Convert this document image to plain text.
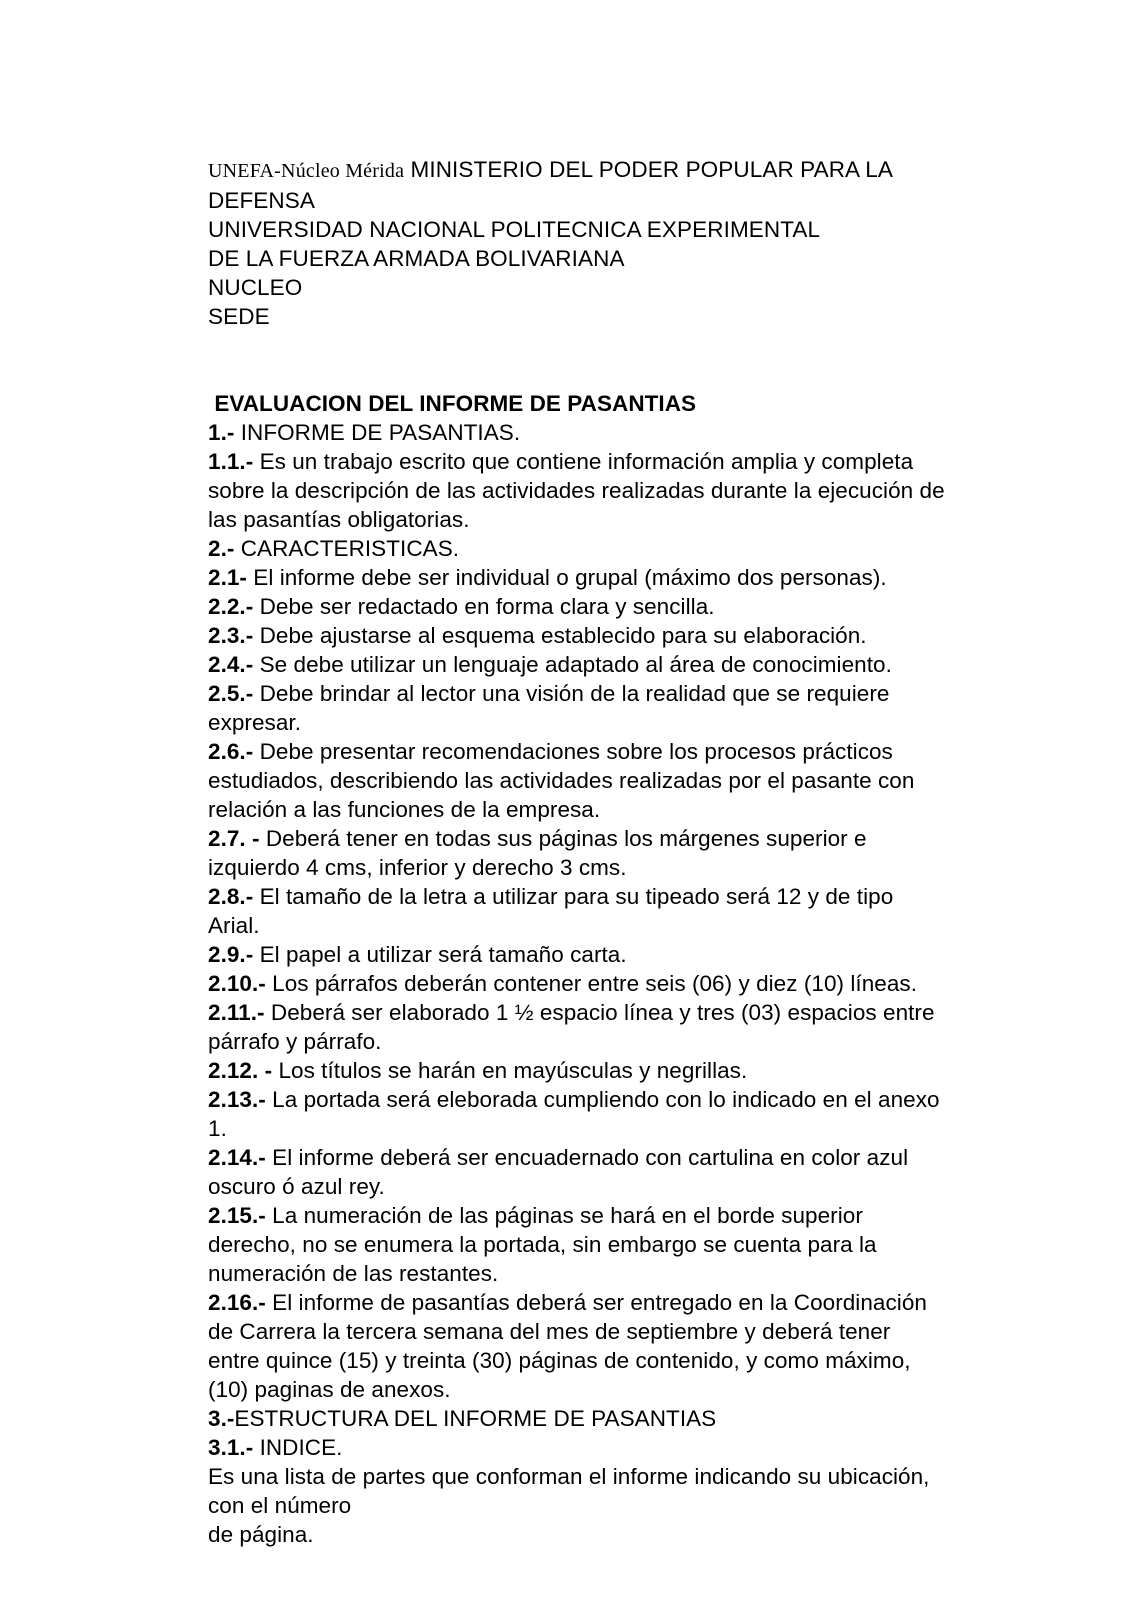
UNEFA-Núcleo Mérida MINISTERIO DEL PODER POPULAR PARA LA
DEFENSA
UNIVERSIDAD NACIONAL POLITECNICA EXPERIMENTAL
DE LA FUERZA ARMADA BOLIVARIANA
NUCLEO
SEDE
EVALUACION DEL INFORME DE PASANTIAS
1.- INFORME DE PASANTIAS.
1.1.- Es un trabajo escrito que contiene información amplia y completa sobre la descripción de las actividades realizadas durante la ejecución de las pasantías obligatorias.
2.- CARACTERISTICAS.
2.1- El informe debe ser individual o grupal (máximo dos personas).
2.2.- Debe ser redactado en forma clara y sencilla.
2.3.- Debe ajustarse al esquema establecido para su elaboración.
2.4.- Se debe utilizar un lenguaje adaptado al área de conocimiento.
2.5.- Debe brindar al lector una visión de la realidad que se requiere expresar.
2.6.- Debe presentar recomendaciones sobre los procesos prácticos estudiados, describiendo las actividades realizadas por el pasante con relación a las funciones de la empresa.
2.7. - Deberá tener en todas sus páginas los márgenes superior e izquierdo 4 cms, inferior y derecho 3 cms.
2.8.- El tamaño de la letra a utilizar para su tipeado será 12 y de tipo Arial.
2.9.- El papel a utilizar será tamaño carta.
2.10.- Los párrafos deberán contener entre seis (06) y diez (10) líneas.
2.11.- Deberá ser elaborado 1 ½ espacio línea y tres (03) espacios entre párrafo y párrafo.
2.12. - Los títulos se harán en mayúsculas y negrillas.
2.13.- La portada será eleborada cumpliendo con lo indicado en el anexo 1.
2.14.- El informe deberá ser encuadernado con cartulina en color azul oscuro ó azul rey.
2.15.- La numeración de las páginas se hará en el borde superior derecho, no se enumera la portada, sin embargo se cuenta para la numeración de las restantes.
2.16.- El informe de pasantías deberá ser entregado en la Coordinación de Carrera la tercera semana del mes de septiembre y deberá tener entre quince (15) y treinta (30) páginas de contenido, y como máximo, (10) paginas de anexos.
3.-ESTRUCTURA DEL INFORME DE PASANTIAS
3.1.- INDICE.
Es una lista de partes que conforman el informe indicando su ubicación, con el número
de página.
